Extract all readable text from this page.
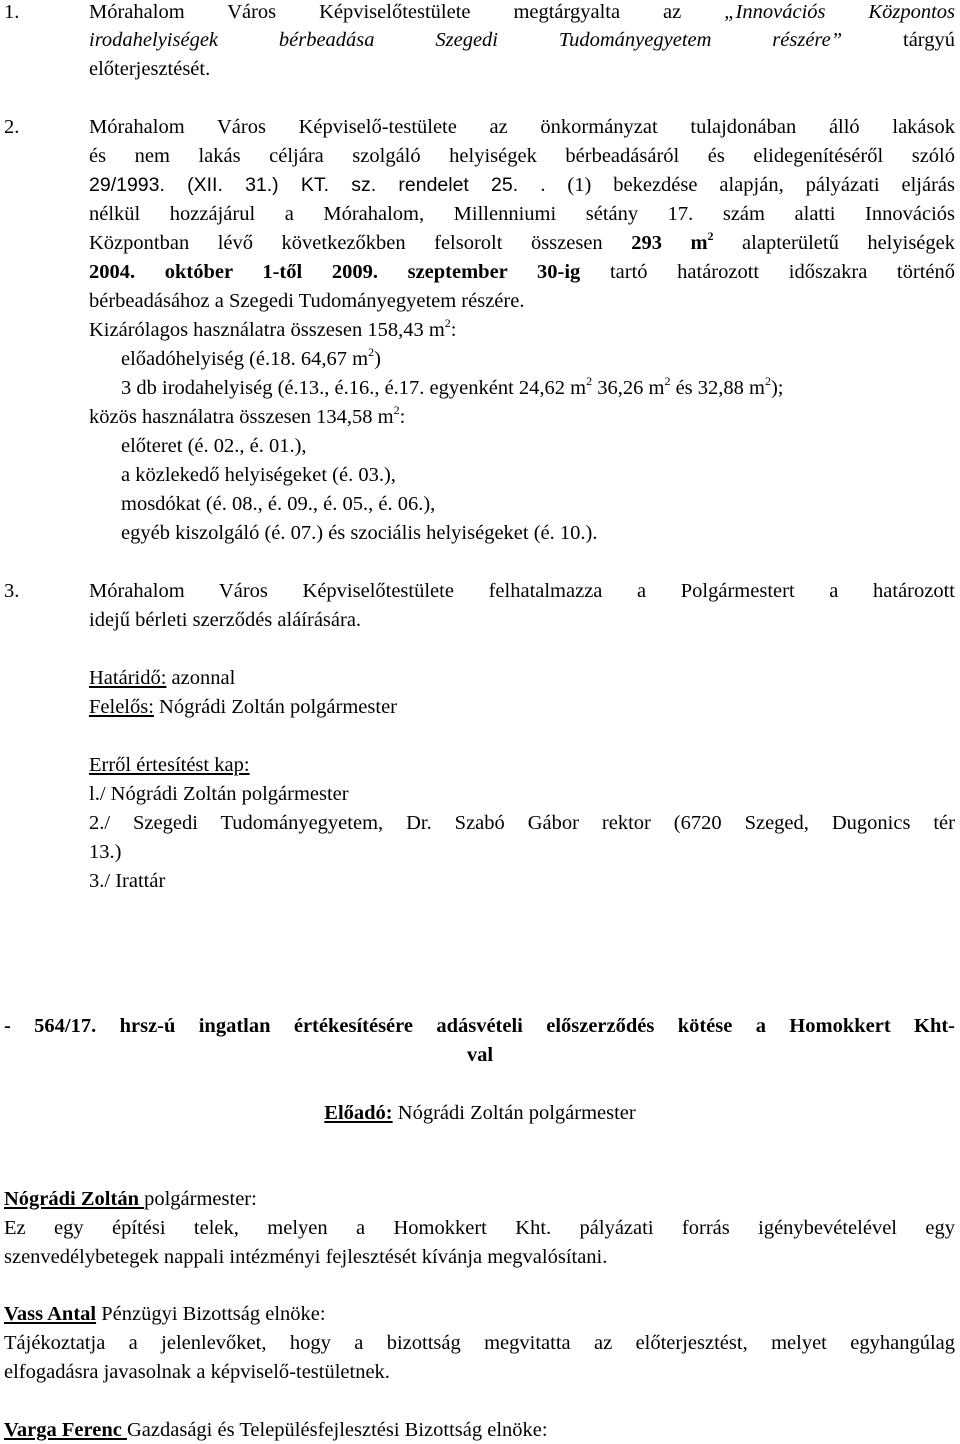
1.	Mórahalom Város Képviselőtestülete megtárgyalta az „Innovációs Központos
irodahelyiségek bérbeadása Szegedi Tudományegyetem részére” tárgyú
előterjesztését.
2.	Mórahalom Város Képviselő-testülete az önkormányzat tulajdonában álló lakások
és nem lakás céljára szolgáló helyiségek bérbeadásáról és elidegenítéséről szóló
29/1993. (XII. 31.) KT. sz. rendelet 25. . (1) bekezdése alapján, pályázati eljárás
nélkül hozzájárul a Mórahalom, Millenniumi sétány 17. szám alatti Innovációs
Központban lévő következőkben felsorolt összesen 293 $m^2$ alapterületű helyiségek
2004. október 1-től 2009. szeptember 30-ig tartó határozott időszakra történő
bérbeadásához a Szegedi Tudományegyetem részére.
Kizárólagos használatra összesen 158,43 $m^2$:
előadóhelyiség (é.18. 64,67 $m^2$)
3 db irodahelyiség (é.13., é.16., é.17. egyenként 24,62 $m^2$ 36,26 $m^2$ és 32,88 $m^2$);
közös használatra összesen 134,58 $m^2$:
előteret (é. 02., é. 01.),
a közlekedő helyiségeket (é. 03.),
mosdókat (é. 08., é. 09., é. 05., é. 06.),
egyéb kiszolgáló (é. 07.) és szociális helyiségeket (é. 10.).
3.	Mórahalom Város Képviselőtestülete felhatalmazza a Polgármestert a határozott
idejű bérleti szerződés aláírására.
Határidő: azonnal
Felelős: Nógrádi Zoltán polgármester
Erről értesítést kap:
l./ Nógrádi Zoltán polgármester
2./ Szegedi Tudományegyetem, Dr. Szabó Gábor rektor (6720 Szeged, Dugonics tér
13.)
3./ Irattár
- 564/17. hrsz-ú ingatlan értékesítésére adásvételi előszerződés kötése a Homokkert Kht-
val
Előadó: Nógrádi Zoltán polgármester
Nógrádi Zoltán polgármester:
Ez egy építési telek, melyen a Homokkert Kht. pályázati forrás igénybevételével egy
szenvedélybetegek nappali intézményi fejlesztését kívánja megvalósítani.
Vass Antal Pénzügyi Bizottság elnöke:
Tájékoztatja a jelenlevőket, hogy a bizottság megvitatta az előterjesztést, melyet egyhangúlag
elfogadásra javasolnak a képviselő-testületnek.
Varga Ferenc Gazdasági és Településfejlesztési Bizottság elnöke:
